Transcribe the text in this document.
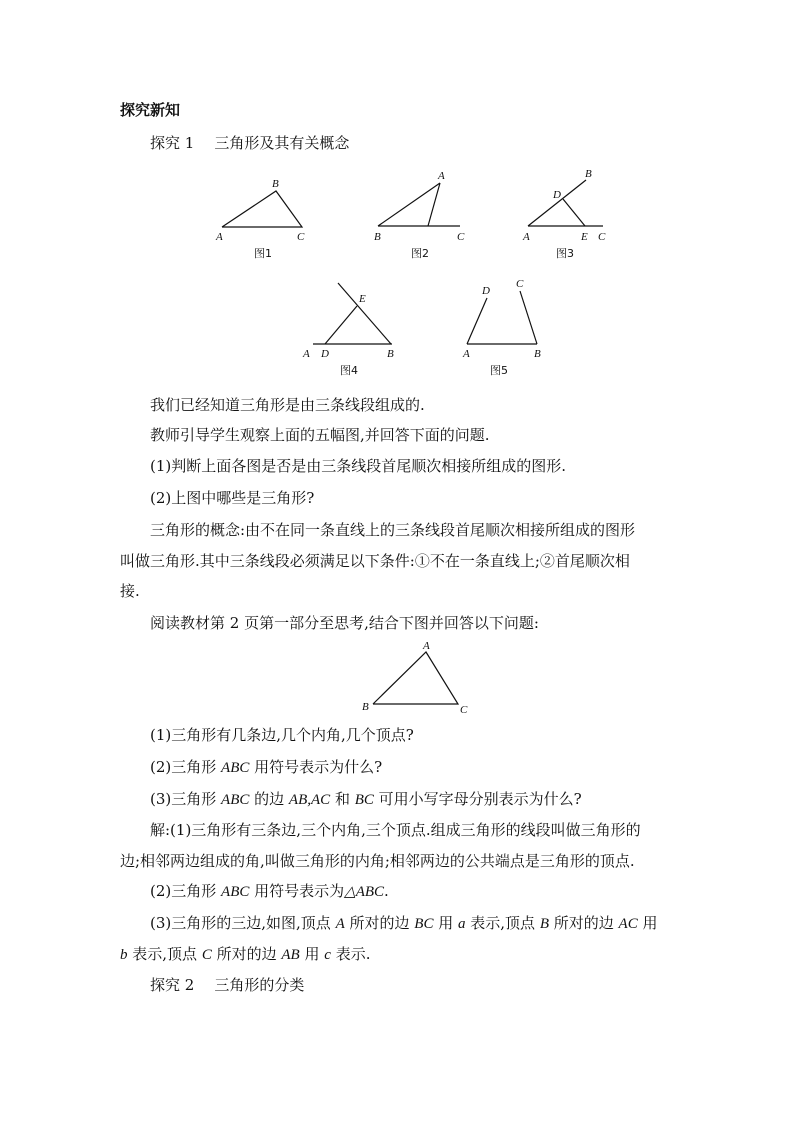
探究新知
探究 1 三角形及其有关概念
A
B
C
图1
A
B	C
图2
A
B
C
D
E
图3
A	B
D
E
图4
A	B
C
D
图5
A
B	C
我们已经知道三角形是由三条线段组成的.
教师引导学生观察上面的五幅图,并回答下面的问题.
(1)判断上面各图是否是由三条线段首尾顺次相接所组成的图形.
(2)上图中哪些是三角形?
三角形的概念:由不在同一条直线上的三条线段首尾顺次相接所组成的图形
叫做三角形.其中三条线段必须满足以下条件:①不在一条直线上;②首尾顺次相
接.
阅读教材第 2 页第一部分至思考,结合下图并回答以下问题:
(1)三角形有几条边,几个内角,几个顶点?
(2)三角形 ABC 用符号表示为什么?
(3)三角形 ABC 的边 AB,AC 和 BC 可用小写字母分别表示为什么?
解:(1)三角形有三条边,三个内角,三个顶点.组成三角形的线段叫做三角形的
边;相邻两边组成的角,叫做三角形的内角;相邻两边的公共端点是三角形的顶点.
(2)三角形 ABC 用符号表示为△ABC.
(3)三角形的三边,如图,顶点 A 所对的边 BC 用 a 表示,顶点 B 所对的边 AC 用
b 表示,顶点 C 所对的边 AB 用 c 表示.
探究 2 三角形的分类
